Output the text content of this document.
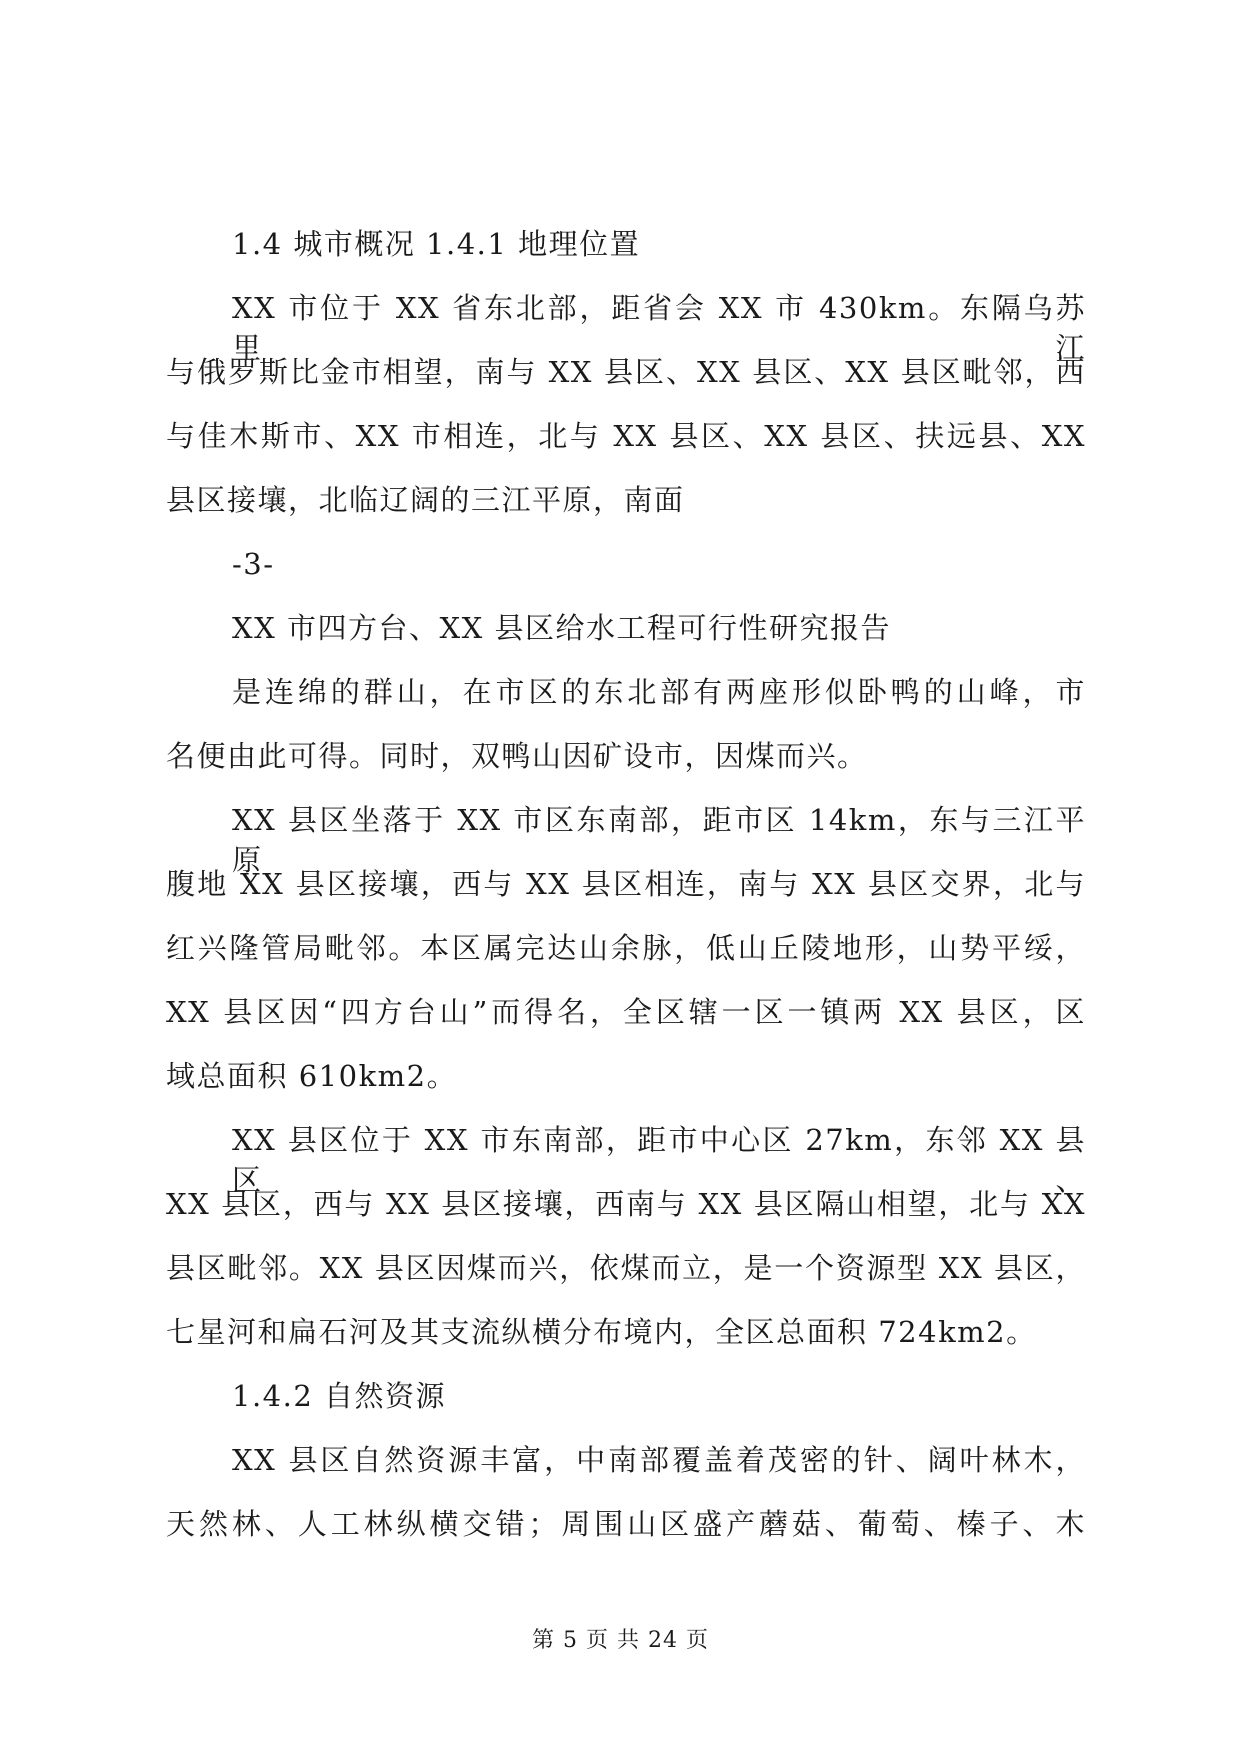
1.4 城市概况 1.4.1 地理位置
XX 市位于 XX 省东北部，距省会 XX 市 430km。东隔乌苏里江
与俄罗斯比金市相望，南与 XX 县区、XX 县区、XX 县区毗邻，西
与佳木斯市、XX 市相连，北与 XX 县区、XX 县区、扶远县、XX
县区接壤，北临辽阔的三江平原，南面
-3-
XX 市四方台、XX 县区给水工程可行性研究报告
是连绵的群山，在市区的东北部有两座形似卧鸭的山峰，市
名便由此可得。同时，双鸭山因矿设市，因煤而兴。
XX 县区坐落于 XX 市区东南部，距市区 14km，东与三江平原
腹地 XX 县区接壤，西与 XX 县区相连，南与 XX 县区交界，北与
红兴隆管局毗邻。本区属完达山余脉，低山丘陵地形，山势平绥，
XX 县区因“四方台山”而得名，全区辖一区一镇两 XX 县区，区
域总面积 610km2。
XX 县区位于 XX 市东南部，距市中心区 27km，东邻 XX 县区、
XX 县区，西与 XX 县区接壤，西南与 XX 县区隔山相望，北与 XX
县区毗邻。XX 县区因煤而兴，依煤而立，是一个资源型 XX 县区，
七星河和扁石河及其支流纵横分布境内，全区总面积 724km2。
1.4.2 自然资源
XX 县区自然资源丰富，中南部覆盖着茂密的针、阔叶林木，
天然林、人工林纵横交错；周围山区盛产蘑菇、葡萄、榛子、木
第 5 页 共 24 页
